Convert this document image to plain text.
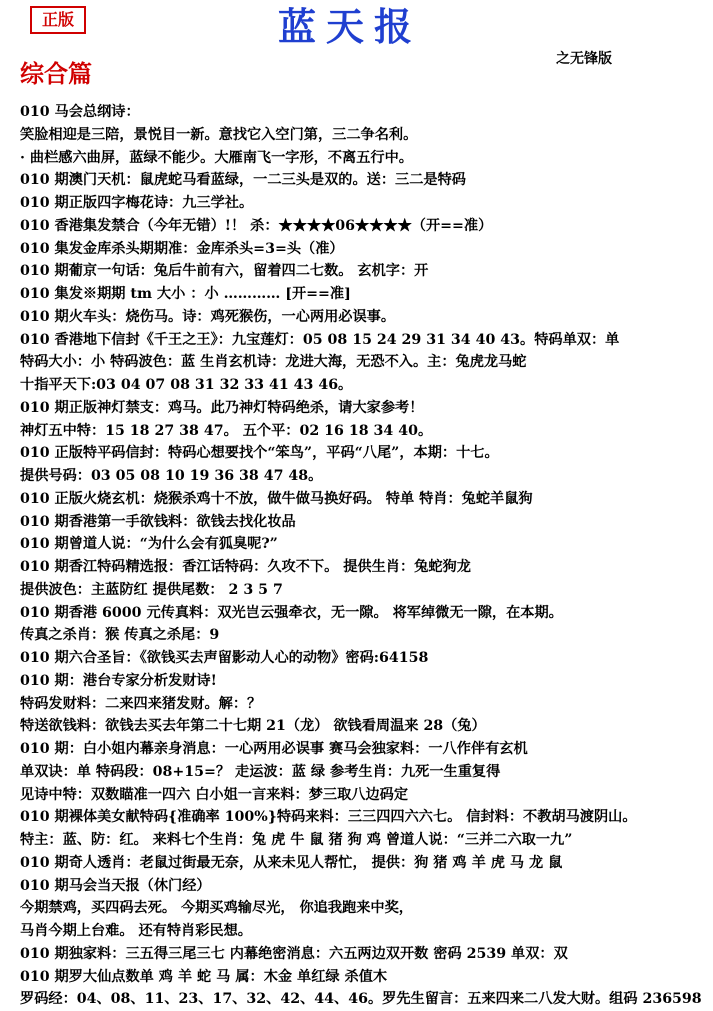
正版	蓝天报
之无锋版
综合篇
010 马会总纲诗：
笑脸相迎是三陪，景悦目一新。意找它入空门第，三二争名利。
· 曲栏感六曲屏，蓝绿不能少。大雁南飞一字形，不离五行中。
010 期澳门天机：鼠虎蛇马看蓝绿，一二三头是双的。送：三二是特码
010 期正版四字梅花诗：九三学社。
010 香港集发禁合（今年无错）!！ 杀：★★★★06★★★★（开==准）
010 集发金库杀头期期准：金库杀头=3=头（准）
010 期葡京一句话：兔后牛前有六，留着四二七数。 玄机字：开
010 集发※期期 tm 大小 ：小 ………… [开==准]
010 期火车头：烧伤马。诗：鸡死猴伤，一心两用必误事。
010 香港地下信封《千王之王》：九宝莲灯：05 08 15 24 29 31 34 40 43。特码单双：单
特码大小：小 特码波色：蓝 生肖玄机诗：龙进大海，无恐不入。主：兔虎龙马蛇
十指平天下:03 04 07 08 31 32 33 41 43 46。
010 期正版神灯禁支：鸡马。此乃神灯特码绝杀，请大家参考！
神灯五中特：15 18 27 38 47。 五个平：02 16 18 34 40。
010 正版特平码信封：特码心想要找个“笨鸟”，平码“八尾”，本期：十七。
提供号码：03 05 08 10 19 36 38 47 48。
010 正版火烧玄机：烧猴杀鸡十不放，做牛做马换好码。 特单 特肖：兔蛇羊鼠狗
010 期香港第一手欲钱料：欲钱去找化妆品
010 期曾道人说：“为什么会有狐臭呢?”
010 期香江特码精选报：香江话特码：久攻不下。 提供生肖：兔蛇狗龙
提供波色：主蓝防红 提供尾数： 2 3 5 7
010 期香港 6000 元传真料：双光岂云强牵衣，无一隙。 将军绰微无一隙，在本期。
传真之杀肖：猴 传真之杀尾：9
010 期六合圣旨：《欲钱买去声留影动人心的动物》密码:64158
010 期：港台专家分析发财诗!
特码发财料：二来四来猪发财。解：？
特送欲钱料：欲钱去买去年第二十七期 21（龙） 欲钱看周温来 28（兔）
010 期：白小姐内幕亲身消息：一心两用必误事 赛马会独家料：一八作伴有玄机
单双诀：单 特码段：08+15=？ 走运波：蓝 绿 参考生肖：九死一生重复得
见诗中特：双数瞄准一四六 白小姐一言来料：梦三取八边码定
010 期裸体美女献特码{准确率 100%}特码来料：三三四四六六七。 信封料：不教胡马渡阴山。
特主：蓝、防：红。 来料七个生肖：兔 虎 牛 鼠 猪 狗 鸡 曾道人说：“三并二六取一九”
010 期奇人透肖：老鼠过街最无奈，从来未见人帮忙， 提供：狗 猪 鸡 羊 虎 马 龙 鼠
010 期马会当天报（休门经）
今期禁鸡，买四码去死。 今期买鸡输尽光， 你追我跑来中奖，
马肖今期上台难。 还有特肖彩民想。
010 期独家料：三五得三尾三七 内幕绝密消息：六五两边双开数 密码 2539 单双：双
010 期罗大仙点数单 鸡 羊 蛇 马 属：木金 单红绿 杀值木
罗码经：04、08、11、23、17、32、42、44、46。罗先生留言：五来四来二八发大财。组码 236598
